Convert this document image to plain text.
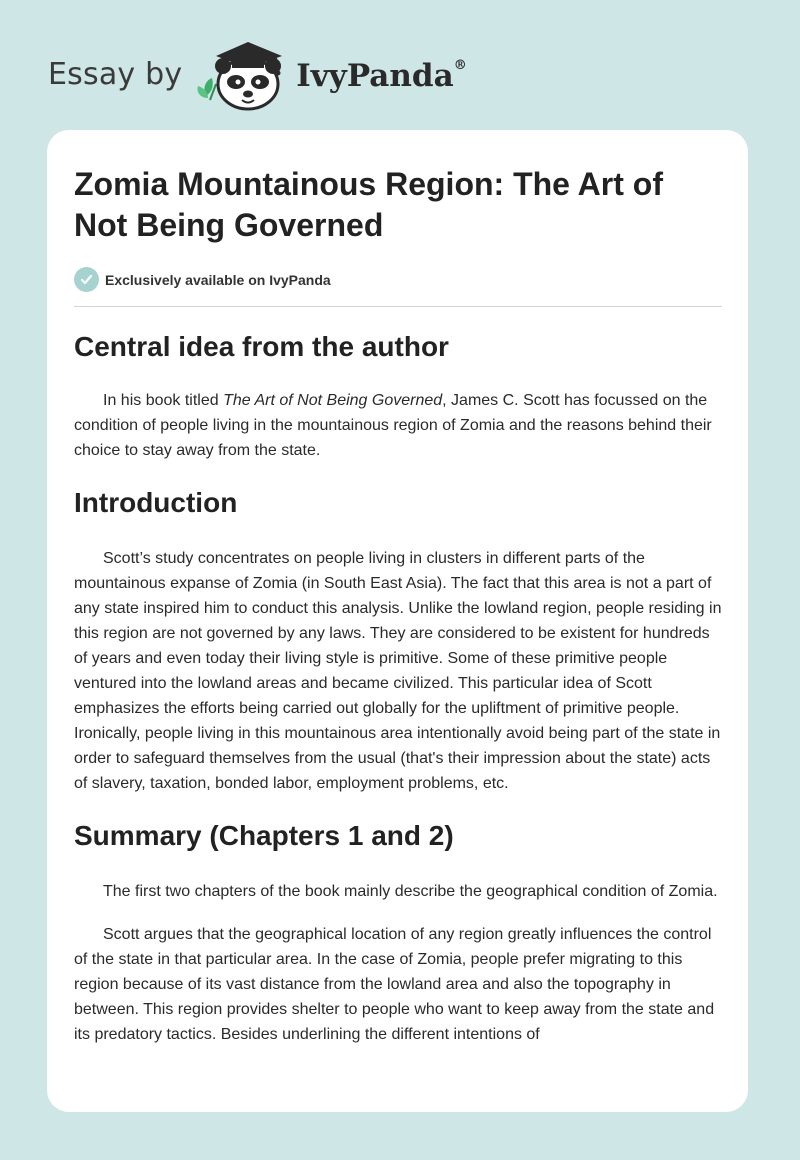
Essay by	IvyPanda®
Zomia Mountainous Region: The Art of Not Being Governed
Exclusively available on IvyPanda
Central idea from the author

In his book titled The Art of Not Being Governed, James C. Scott has focussed on the condition of people living in the mountainous region of Zomia and the reasons behind their choice to stay away from the state.

Introduction

Scott’s study concentrates on people living in clusters in different parts of the mountainous expanse of Zomia (in South East Asia). The fact that this area is not a part of any state inspired him to conduct this analysis. Unlike the lowland region, people residing in this region are not governed by any laws. They are considered to be existent for hundreds of years and even today their living style is primitive. Some of these primitive people ventured into the lowland areas and became civilized. This particular idea of Scott emphasizes the efforts being carried out globally for the upliftment of primitive people. Ironically, people living in this mountainous area intentionally avoid being part of the state in order to safeguard themselves from the usual (that's their impression about the state) acts of slavery, taxation, bonded labor, employment problems, etc.

Summary (Chapters 1 and 2)

The first two chapters of the book mainly describe the geographical condition of Zomia.

Scott argues that the geographical location of any region greatly influences the control of the state in that particular area. In the case of Zomia, people prefer migrating to this region because of its vast distance from the lowland area and also the topography in between. This region provides shelter to people who want to keep away from the state and its predatory tactics. Besides underlining the different intentions of
